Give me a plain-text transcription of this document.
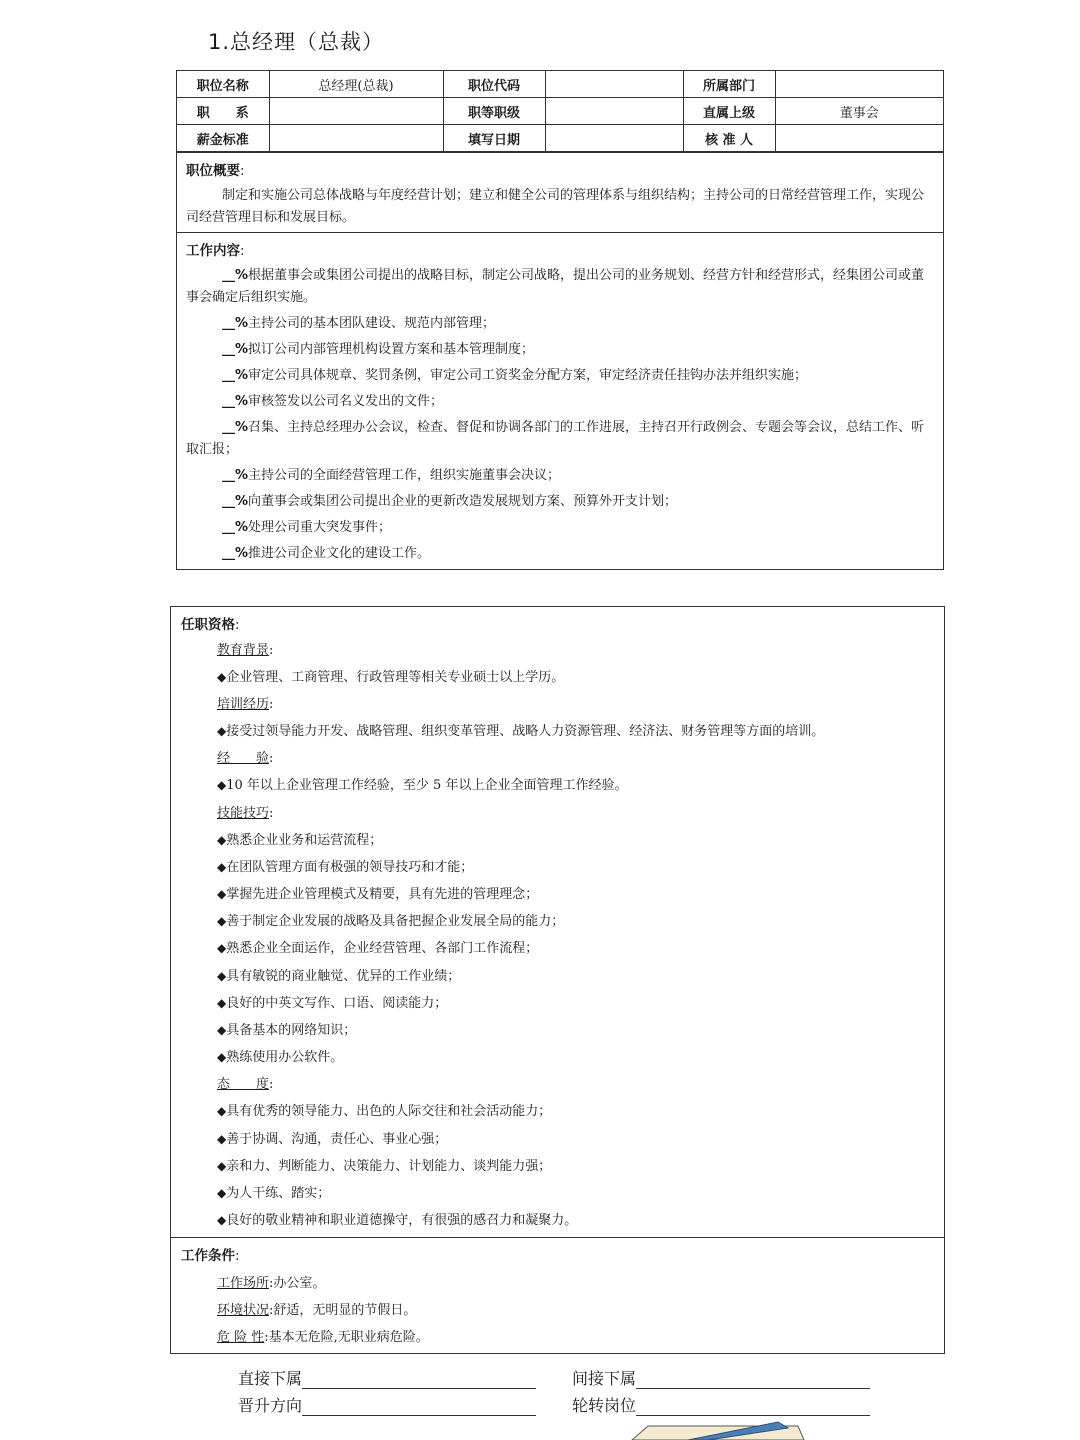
1.总经理（总裁）
职位名称	总经理(总裁)	职位代码		所属部门	
职　　系		职等职级		直属上级	董事会
薪金标准		填写日期		核 准 人	
职位概要:
制定和实施公司总体战略与年度经营计划；建立和健全公司的管理体系与组织结构；主持公司的日常经营管理工作，实现公司经营管理目标和发展目标。
工作内容:
__%根据董事会或集团公司提出的战略目标，制定公司战略，提出公司的业务规划、经营方针和经营形式，经集团公司或董事会确定后组织实施。
__%主持公司的基本团队建设、规范内部管理；
__%拟订公司内部管理机构设置方案和基本管理制度；
__%审定公司具体规章、奖罚条例，审定公司工资奖金分配方案，审定经济责任挂钩办法并组织实施；
__%审核签发以公司名义发出的文件；
__%召集、主持总经理办公会议，检查、督促和协调各部门的工作进展，主持召开行政例会、专题会等会议，总结工作、听取汇报；
__%主持公司的全面经营管理工作，组织实施董事会决议；
__%向董事会或集团公司提出企业的更新改造发展规划方案、预算外开支计划；
__%处理公司重大突发事件；
__%推进公司企业文化的建设工作。
任职资格:
教育背景:
◆企业管理、工商管理、行政管理等相关专业硕士以上学历。
培训经历:
◆接受过领导能力开发、战略管理、组织变革管理、战略人力资源管理、经济法、财务管理等方面的培训。
经　　验:
◆10 年以上企业管理工作经验，至少 5 年以上企业全面管理工作经验。
技能技巧:
◆熟悉企业业务和运营流程；
◆在团队管理方面有极强的领导技巧和才能；
◆掌握先进企业管理模式及精要，具有先进的管理理念；
◆善于制定企业发展的战略及具备把握企业发展全局的能力；
◆熟悉企业全面运作，企业经营管理、各部门工作流程；
◆具有敏锐的商业触觉、优异的工作业绩；
◆良好的中英文写作、口语、阅读能力；
◆具备基本的网络知识；
◆熟练使用办公软件。
态　　度:
◆具有优秀的领导能力、出色的人际交往和社会活动能力；
◆善于协调、沟通，责任心、事业心强；
◆亲和力、判断能力、决策能力、计划能力、谈判能力强；
◆为人干练、踏实；
◆良好的敬业精神和职业道德操守，有很强的感召力和凝聚力。
工作条件:
工作场所:办公室。
环境状况:舒适，无明显的节假日。
危 险 性:基本无危险,无职业病危险。
直接下属	间接下属
晋升方向	轮转岗位
